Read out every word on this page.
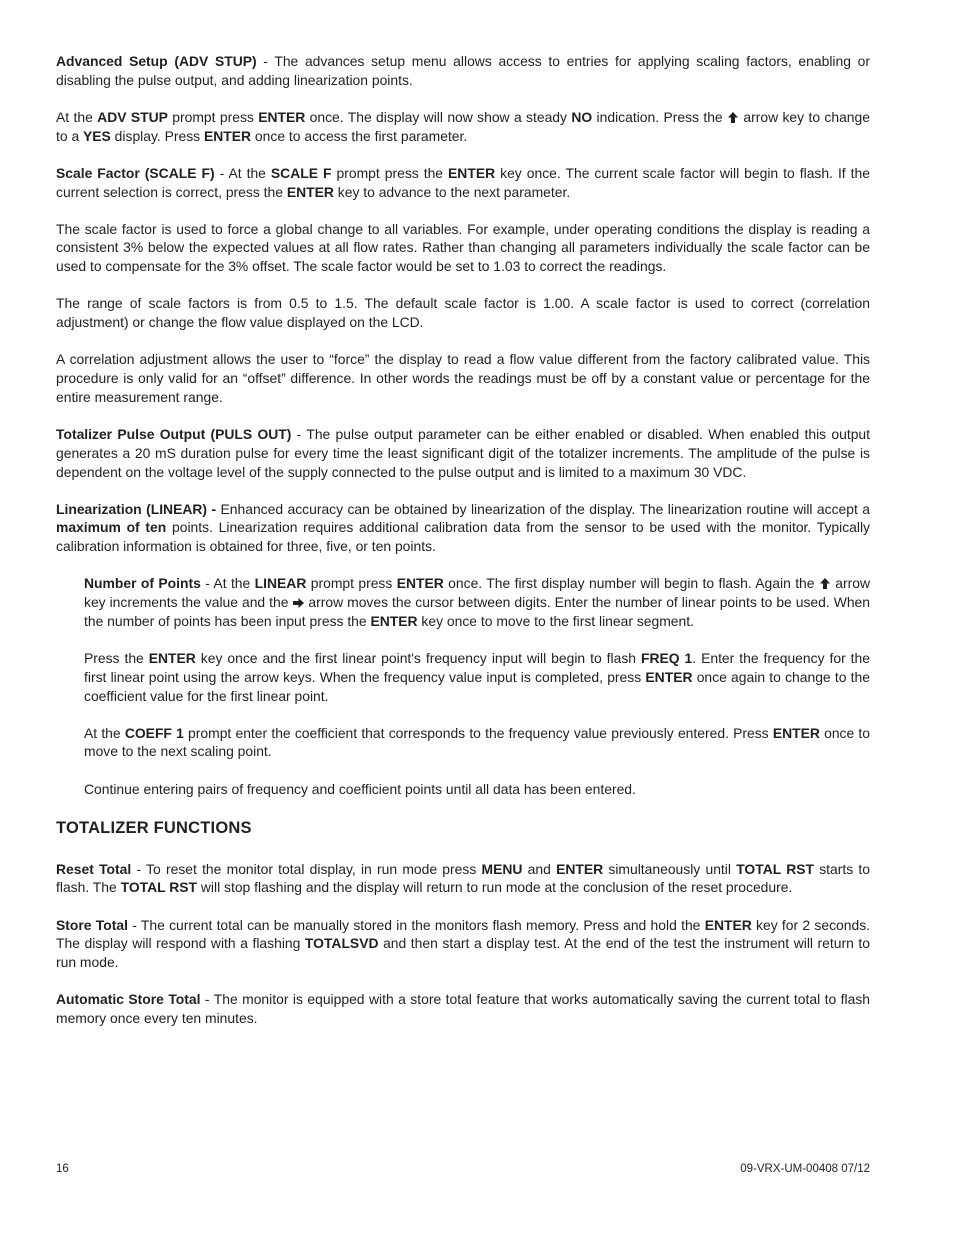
Advanced Setup (ADV STUP) - The advances setup menu allows access to entries for applying scaling factors, enabling or disabling the pulse output, and adding linearization points.

At the ADV STUP prompt press ENTER once. The display will now show a steady NO indication. Press the  arrow key to change to a YES display. Press ENTER once to access the first parameter.

Scale Factor (SCALE F) - At the SCALE F prompt press the ENTER key once. The current scale factor will begin to flash. If the current selection is correct, press the ENTER key to advance to the next parameter.

The scale factor is used to force a global change to all variables. For example, under operating conditions the display is reading a consistent 3% below the expected values at all flow rates. Rather than changing all parameters individually the scale factor can be used to compensate for the 3% offset. The scale factor would be set to 1.03 to correct the readings.

The range of scale factors is from 0.5 to 1.5. The default scale factor is 1.00. A scale factor is used to correct (correlation adjustment) or change the flow value displayed on the LCD.

A correlation adjustment allows the user to “force” the display to read a flow value different from the factory calibrated value. This procedure is only valid for an “offset” difference. In other words the readings must be off by a constant value or percentage for the entire measurement range.

Totalizer Pulse Output (PULS OUT) - The pulse output parameter can be either enabled or disabled. When enabled this output generates a 20 mS duration pulse for every time the least significant digit of the totalizer increments. The amplitude of the pulse is dependent on the voltage level of the supply connected to the pulse output and is limited to a maximum 30 VDC.

Linearization (LINEAR) - Enhanced accuracy can be obtained by linearization of the display. The linearization routine will accept a maximum of ten points. Linearization requires additional calibration data from the sensor to be used with the monitor. Typically calibration information is obtained for three, five, or ten points.

Number of Points - At the LINEAR prompt press ENTER once. The first display number will begin to flash. Again the  arrow key increments the value and the  arrow moves the cursor between digits. Enter the number of linear points to be used. When the number of points has been input press the ENTER key once to move to the first linear segment.

Press the ENTER key once and the first linear point's frequency input will begin to flash FREQ 1. Enter the frequency for the first linear point using the arrow keys. When the frequency value input is completed, press ENTER once again to change to the coefficient value for the first linear point.

At the COEFF 1 prompt enter the coefficient that corresponds to the frequency value previously entered. Press ENTER once to move to the next scaling point.

Continue entering pairs of frequency and coefficient points until all data has been entered.

TOTALIZER FUNCTIONS

Reset Total - To reset the monitor total display, in run mode press MENU and ENTER simultaneously until TOTAL RST starts to flash. The TOTAL RST will stop flashing and the display will return to run mode at the conclusion of the reset procedure.

Store Total - The current total can be manually stored in the monitors flash memory. Press and hold the ENTER key for 2 seconds. The display will respond with a flashing TOTALSVD and then start a display test. At the end of the test the instrument will return to run mode.

Automatic Store Total - The monitor is equipped with a store total feature that works automatically saving the current total to flash memory once every ten minutes.

16	09-VRX-UM-00408 07/12
